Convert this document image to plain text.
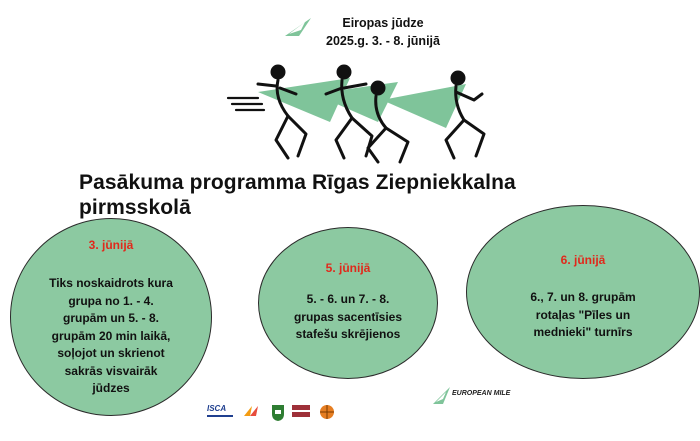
Eiropas jūdze
2025.g. 3. - 8. jūnijā
Pasākuma programma Rīgas Ziepniekkalna
pirmsskolā
3. jūnijā
Tiks noskaidrots kura
grupa no 1. - 4.
grupām un 5. - 8.
grupām 20 min laikā,
soļojot un skrienot
sakrās visvairāk
jūdzes
5. jūnijā
5. - 6. un 7. - 8.
grupas sacentīsies
stafešu skrējienos
6. jūnijā
6., 7. un 8. grupām
rotaļas "Pīles un
mednieki" turnīrs
EUROPEAN MILE
ISCA
